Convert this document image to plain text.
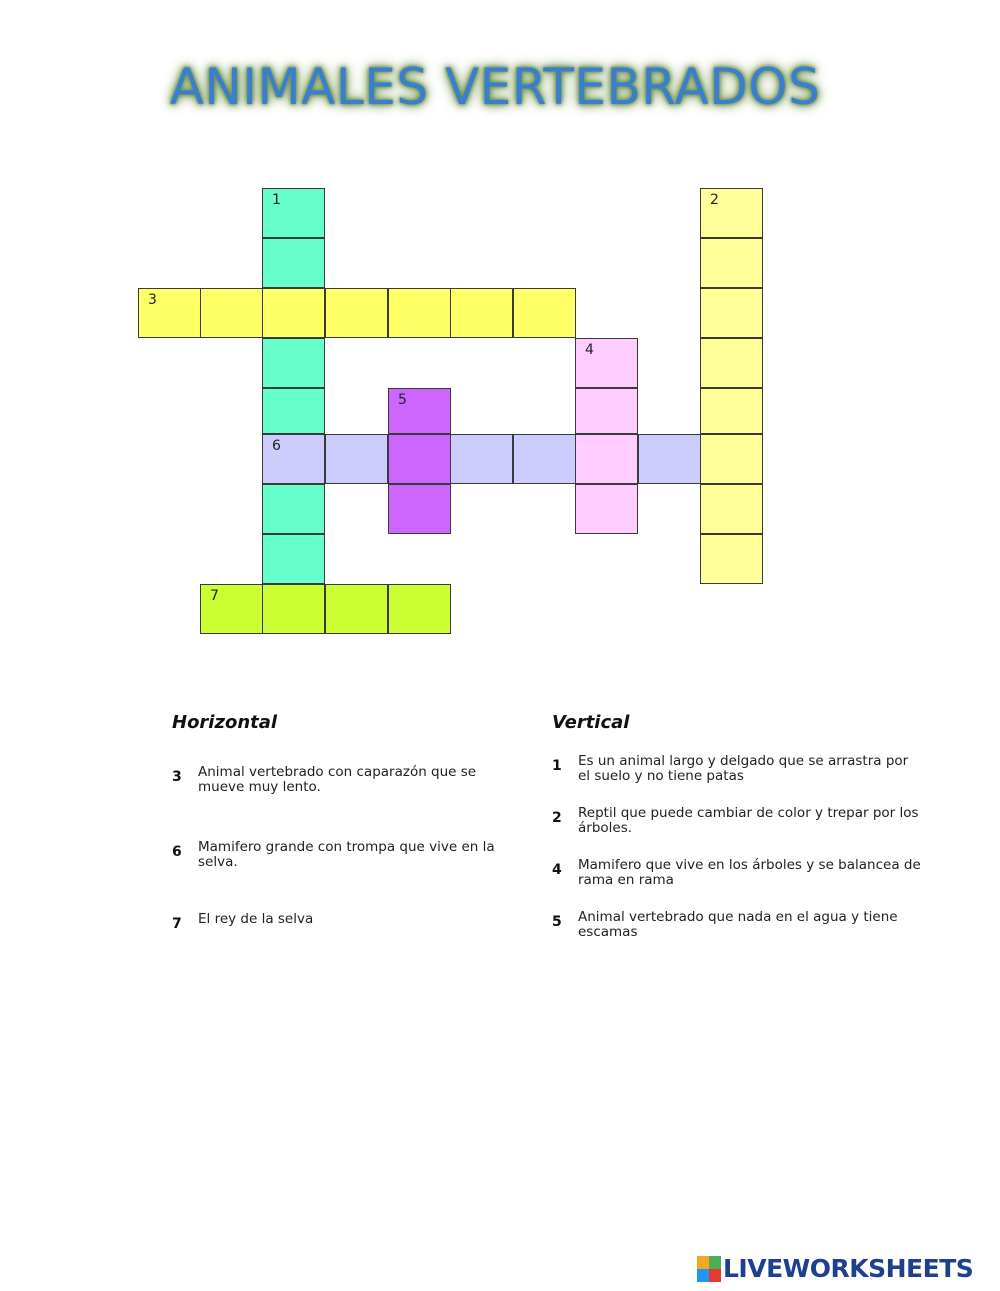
ANIMALES VERTEBRADOS
1	2
3
4
5
6
7
Horizontal
3	Animal vertebrado con caparazón que se mueve muy lento.
6	Mamifero grande con trompa que vive en la selva.
7	El rey de la selva
Vertical
1	Es un animal largo y delgado que se arrastra por el suelo y no tiene patas
2	Reptil que puede cambiar de color y trepar por los árboles.
4	Mamifero que vive en los árboles y se balancea de rama en rama
5	Animal vertebrado que nada en el agua y tiene escamas
LIVEWORKSHEETS
